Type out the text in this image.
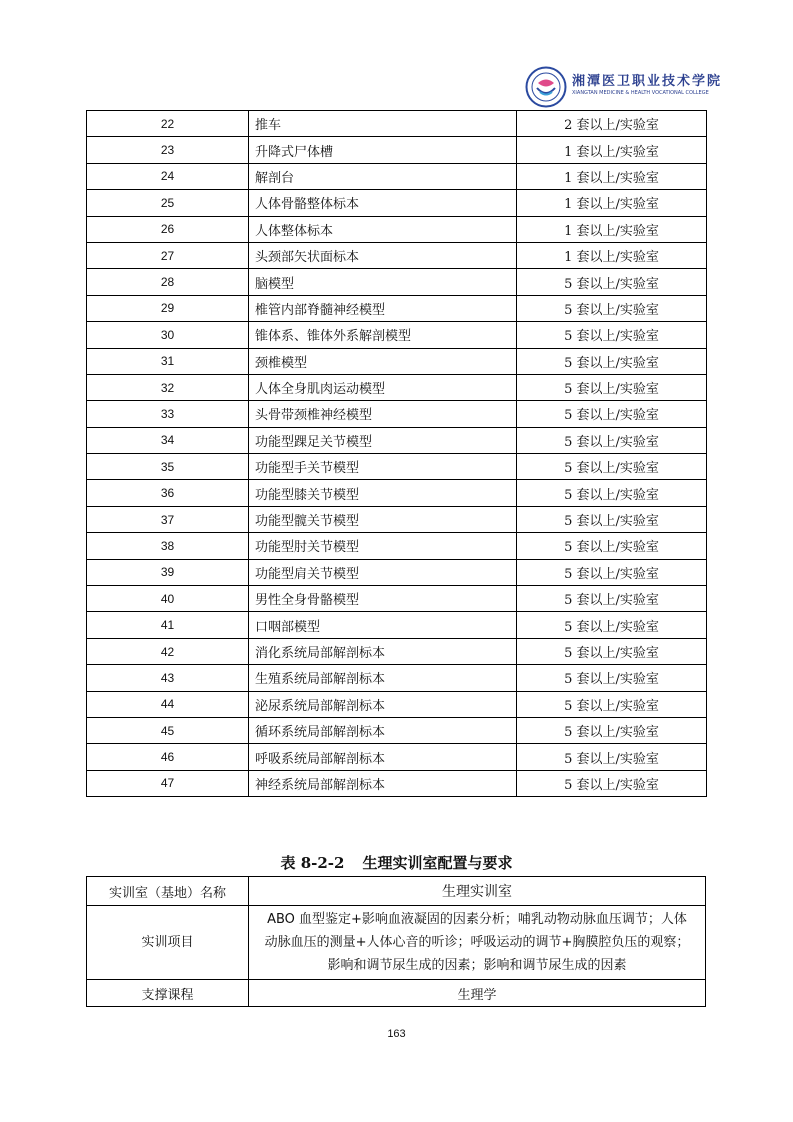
湘潭医卫职业技术学院
XIANGTAN MEDICINE & HEALTH VOCATIONAL COLLEGE
22	推车	2 套以上/实验室
23	升降式尸体槽	1 套以上/实验室
24	解剖台	1 套以上/实验室
25	人体骨骼整体标本	1 套以上/实验室
26	人体整体标本	1 套以上/实验室
27	头颈部矢状面标本	1 套以上/实验室
28	脑模型	5 套以上/实验室
29	椎管内部脊髓神经模型	5 套以上/实验室
30	锥体系、锥体外系解剖模型	5 套以上/实验室
31	颈椎模型	5 套以上/实验室
32	人体全身肌肉运动模型	5 套以上/实验室
33	头骨带颈椎神经模型	5 套以上/实验室
34	功能型踝足关节模型	5 套以上/实验室
35	功能型手关节模型	5 套以上/实验室
36	功能型膝关节模型	5 套以上/实验室
37	功能型髋关节模型	5 套以上/实验室
38	功能型肘关节模型	5 套以上/实验室
39	功能型肩关节模型	5 套以上/实验室
40	男性全身骨骼模型	5 套以上/实验室
41	口咽部模型	5 套以上/实验室
42	消化系统局部解剖标本	5 套以上/实验室
43	生殖系统局部解剖标本	5 套以上/实验室
44	泌尿系统局部解剖标本	5 套以上/实验室
45	循环系统局部解剖标本	5 套以上/实验室
46	呼吸系统局部解剖标本	5 套以上/实验室
47	神经系统局部解剖标本	5 套以上/实验室
表 8-2-2 生理实训室配置与要求
实训室（基地）名称	生理实训室
实训项目	ABO 血型鉴定+影响血液凝固的因素分析；哺乳动物动脉血压调节；人体
动脉血压的测量+人体心音的听诊；呼吸运动的调节+胸膜腔负压的观察；
影响和调节尿生成的因素；影响和调节尿生成的因素

支撑课程	生理学
163
